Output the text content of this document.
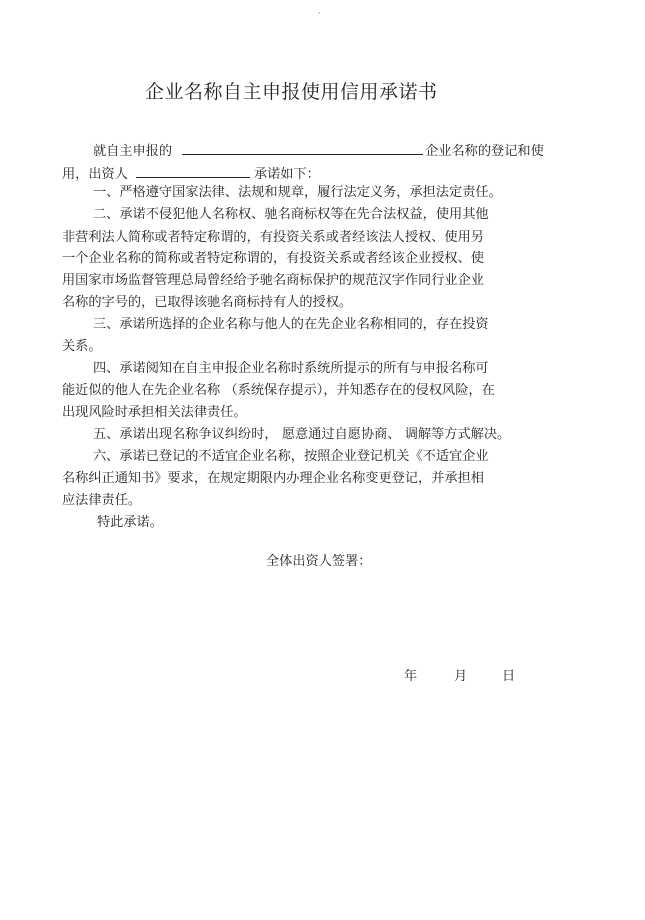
·
企业名称自主申报使用信用承诺书
就自主申报的	企业名称的登记和使
用，出资人	承诺如下：
一、严格遵守国家法律、法规和规章，履行法定义务，承担法定责任。
二、承诺不侵犯他人名称权、驰名商标权等在先合法权益，使用其他
非营利法人简称或者特定称谓的，有投资关系或者经该法人授权、使用另
一个企业名称的简称或者特定称谓的，有投资关系或者经该企业授权、使
用国家市场监督管理总局曾经给予驰名商标保护的规范汉字作同行业企业
名称的字号的，已取得该驰名商标持有人的授权。
三、承诺所选择的企业名称与他人的在先企业名称相同的，存在投资
关系。
四、承诺阅知在自主申报企业名称时系统所提示的所有与申报名称可
能近似的他人在先企业名称 （系统保存提示），并知悉存在的侵权风险，在
出现风险时承担相关法律责任。
五、承诺出现名称争议纠纷时， 愿意通过自愿协商、 调解等方式解决。
六、承诺已登记的不适宜企业名称，按照企业登记机关《不适宜企业
名称纠正通知书》要求，在规定期限内办理企业名称变更登记，并承担相
应法律责任。
特此承诺。
全体出资人签署：
年	月	日
